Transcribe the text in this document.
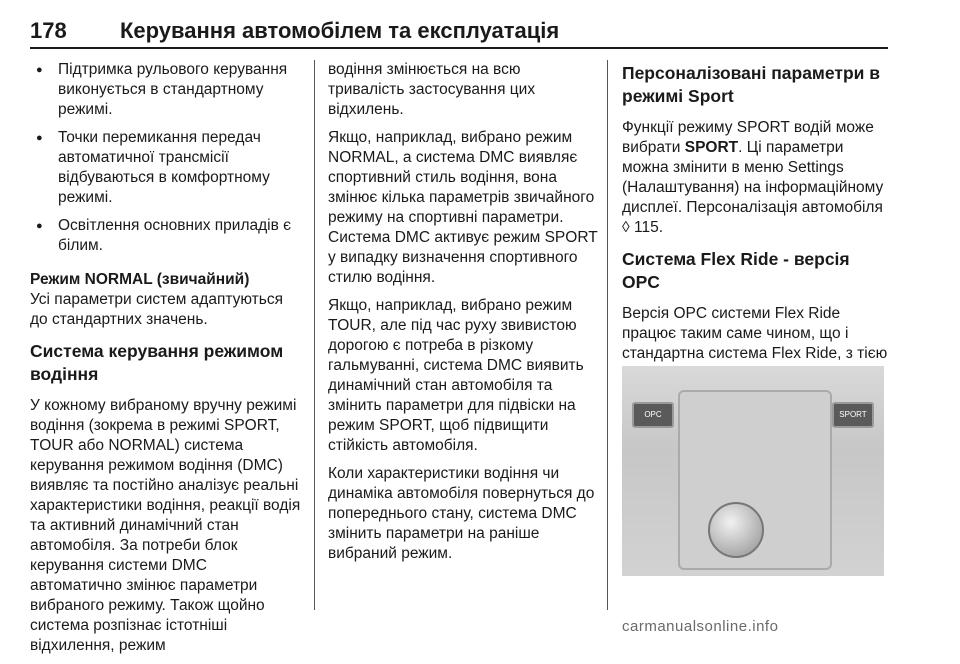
178 Керування автомобілем та експлуатація
● Підтримка рульового керування виконується в стандартному режимі.
● Точки перемикання передач автоматичної трансмісії відбуваються в комфортному режимі.
● Освітлення основних приладів є білим.

Режим NORMAL (звичайний)

Усі параметри систем адаптуються до стандартних значень.

Система керування режимом водіння

У кожному вибраному вручну режимі водіння (зокрема в режимі SPORT, TOUR або NORMAL) система керування режимом водіння (DMC) виявляє та постійно аналізує реальні характеристики водіння, реакції водія та активний динамічний стан автомобіля. За потреби блок керування системи DMC автоматично змінює параметри вибраного режиму. Також щойно система розпізнає істотніші відхилення, режим

водіння змінюється на всю тривалість застосування цих відхилень.

Якщо, наприклад, вибрано режим NORMAL, а система DMC виявляє спортивний стиль водіння, вона змінює кілька параметрів звичайного режиму на спортивні параметри. Система DMC активує режим SPORT у випадку визначення спортивного стилю водіння.

Якщо, наприклад, вибрано режим TOUR, але під час руху звивистою дорогою є потреба в різкому гальмуванні, система DMC виявить динамічний стан автомобіля та змінить параметри для підвіски на режим SPORT, щоб підвищити стійкість автомобіля.

Коли характеристики водіння чи динаміка автомобіля повернуться до попереднього стану, система DMC змінить параметри на раніше вибраний режим.

Персоналізовані параметри в режимі Sport

Функції режиму SPORT водій може вибрати SPORT. Ці параметри можна змінити в меню Settings (Налаштування) на інформаційному дисплеї. Персоналізація автомобіля ◊ 115.

Система Flex Ride - версія OPC

Версія OPC системи Flex Ride працює таким саме чином, що і стандартна система Flex Ride, з тією

OPC	SPORT
carmanualsonline.info
